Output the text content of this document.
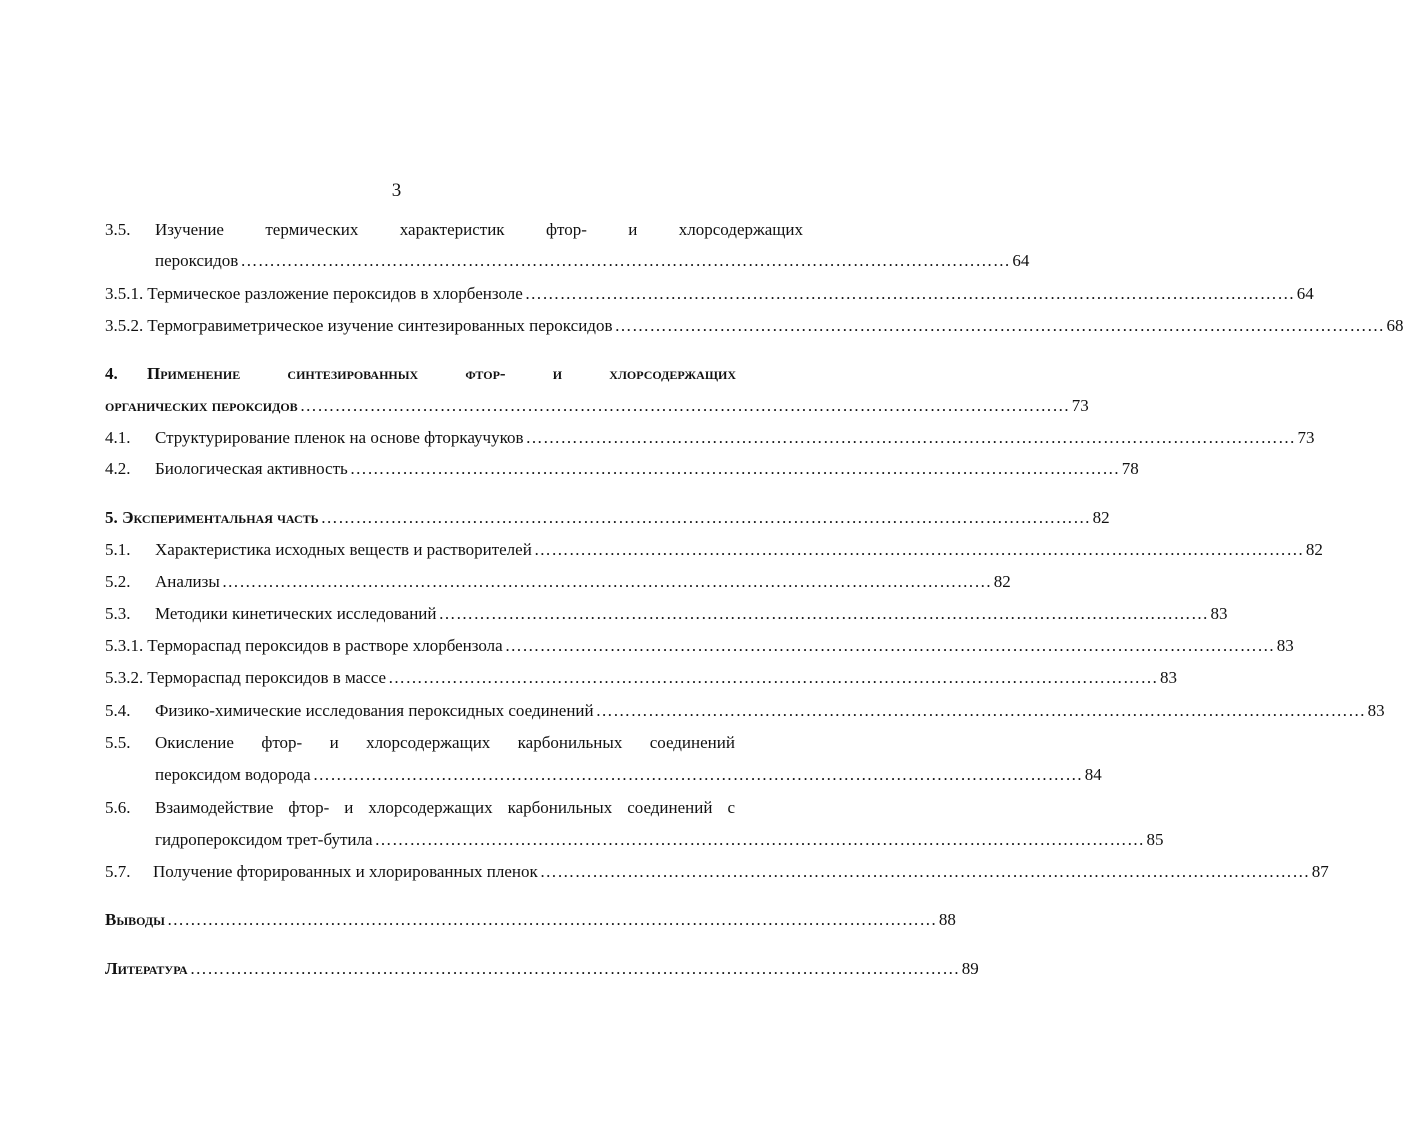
3
3.5. Изучение термических характеристик фтор- и хлорсодержащих
пероксидов …………………………………………………………………………………………………………………… 64
3.5.1. Термическое разложение пероксидов в хлорбензоле …………………………………………………………………………………………………………………… 64
3.5.2. Термогравиметрическое изучение синтезированных пероксидов …………………………………………………………………………………………………………………… 68
4. Применение	синтезированных	фтор-	и	хлорсодержащих
органических пероксидов …………………………………………………………………………………………………………………… 73
4.1. Структурирование пленок на основе фторкаучуков …………………………………………………………………………………………………………………… 73
4.2. Биологическая активность …………………………………………………………………………………………………………………… 78
5. Экспериментальная часть …………………………………………………………………………………………………………………… 82
5.1. Характеристика исходных веществ и растворителей …………………………………………………………………………………………………………………… 82
5.2. Анализы …………………………………………………………………………………………………………………… 82
5.3. Методики кинетических исследований …………………………………………………………………………………………………………………… 83
5.3.1. Термораспад пероксидов в растворе хлорбензола …………………………………………………………………………………………………………………… 83
5.3.2. Термораспад пероксидов в массе …………………………………………………………………………………………………………………… 83
5.4. Физико-химические исследования пероксидных соединений …………………………………………………………………………………………………………………… 83
5.5. Окисление фтор- и хлорсодержащих карбонильных соединений
пероксидом водорода …………………………………………………………………………………………………………………… 84
5.6. Взаимодействие фтор- и хлорсодержащих карбонильных соединений с
гидропероксидом трет-бутила …………………………………………………………………………………………………………………… 85
5.7. Получение фторированных и хлорированных пленок …………………………………………………………………………………………………………………… 87
Выводы …………………………………………………………………………………………………………………… 88
Литература …………………………………………………………………………………………………………………… 89
